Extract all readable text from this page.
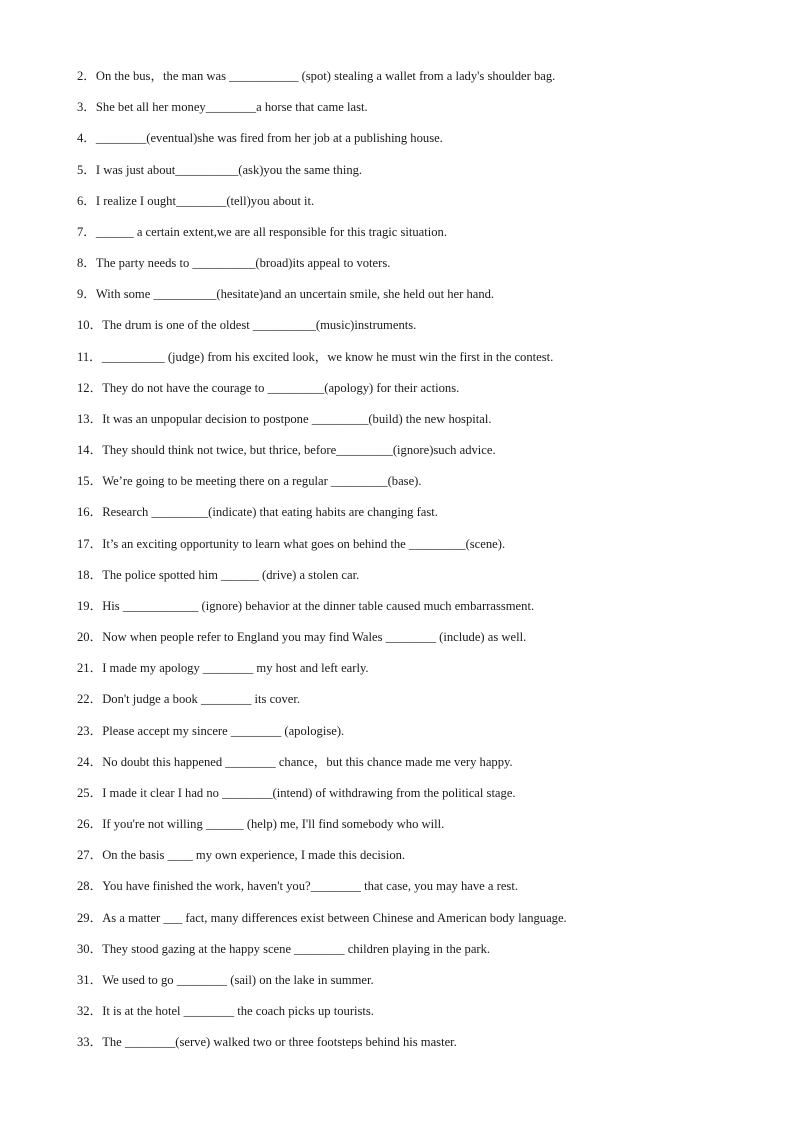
2．On the bus，the man was ___________ (spot) stealing a wallet from a lady's shoulder bag.
3．She bet all her money________a horse that came last.
4．________(eventual)she was fired from her job at a publishing house.
5．I was just about__________(ask)you the same thing.
6．I realize I ought________(tell)you about it.
7．______ a certain extent,we are all responsible for this tragic situation.
8．The party needs to __________(broad)its appeal to voters.
9．With some __________(hesitate)and an uncertain smile, she held out her hand.
10．The drum is one of the oldest __________(music)instruments.
11．__________ (judge) from his excited look，we know he must win the first in the contest.
12．They do not have the courage to _________(apology) for their actions.
13．It was an unpopular decision to postpone _________(build) the new hospital.
14．They should think not twice, but thrice, before_________(ignore)such advice.
15．We’re going to be meeting there on a regular _________(base).
16．Research _________(indicate) that eating habits are changing fast.
17．It’s an exciting opportunity to learn what goes on behind the _________(scene).
18．The police spotted him ______ (drive) a stolen car.
19．His ____________ (ignore) behavior at the dinner table caused much embarrassment.
20．Now when people refer to England you may find Wales ________ (include) as well.
21．I made my apology ________ my host and left early.
22．Don't judge a book ________ its cover.
23．Please accept my sincere ________ (apologise).
24．No doubt this happened ________ chance，but this chance made me very happy.
25．I made it clear I had no ________(intend) of withdrawing from the political stage.
26．If you're not willing ______ (help) me, I'll find somebody who will.
27．On the basis ____ my own experience, I made this decision.
28．You have finished the work, haven't you?________ that case, you may have a rest.
29．As a matter ___ fact, many differences exist between Chinese and American body language.
30．They stood gazing at the happy scene ________ children playing in the park.
31．We used to go ________ (sail) on the lake in summer.
32．It is at the hotel ________ the coach picks up tourists.
33．The ________(serve) walked two or three footsteps behind his master.
